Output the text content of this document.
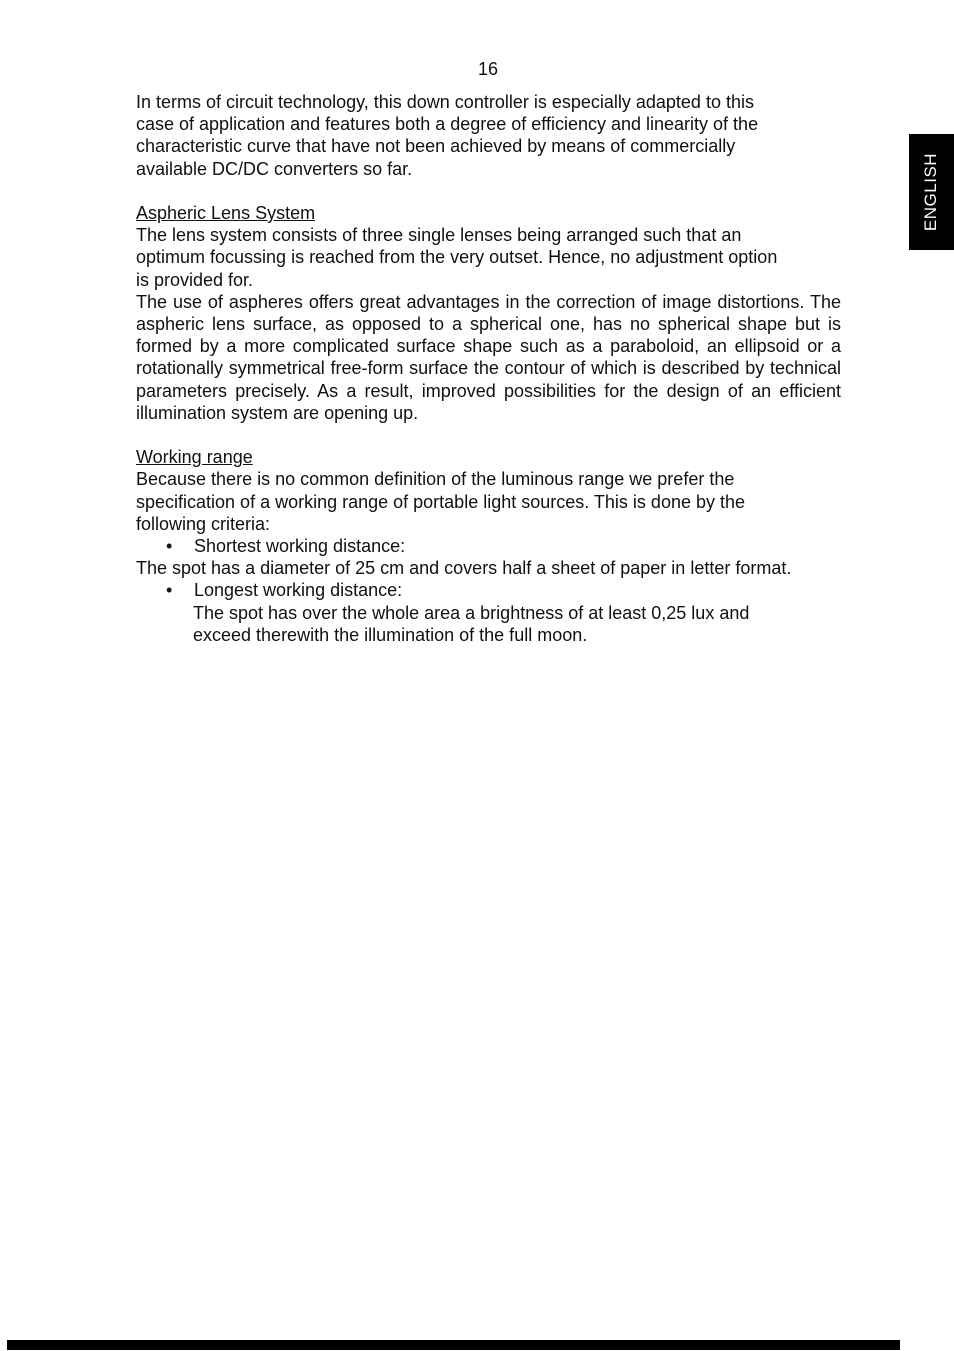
16
ENGLISH

In terms of circuit technology, this down controller is especially adapted to this

case of application and features both a degree of efficiency and linearity of the

characteristic curve that have not been achieved by means of commercially

available DC/DC converters so far.

Aspheric Lens System

The lens system consists of three single lenses being arranged such that an

optimum focussing is reached from the very outset. Hence, no adjustment option

is provided for.

The use of aspheres offers great advantages in the correction of image distortions. The aspheric lens surface, as opposed to a spherical one, has no spherical shape but is formed by a more complicated surface shape such as a paraboloid, an ellipsoid or a rotationally symmetrical free-form surface the contour of which is described by technical parameters precisely. As a result, improved possibilities for the design of an efficient illumination system are opening up.

Working range

Because there is no common definition of the luminous range we prefer the

specification of a working range of portable light sources. This is done by the

following criteria:

• Shortest working distance:

The spot has a diameter of 25 cm and covers half a sheet of paper in letter format.

• Longest working distance:

The spot has over the whole area a brightness of at least 0,25 lux and

exceed therewith the illumination of the full moon.
